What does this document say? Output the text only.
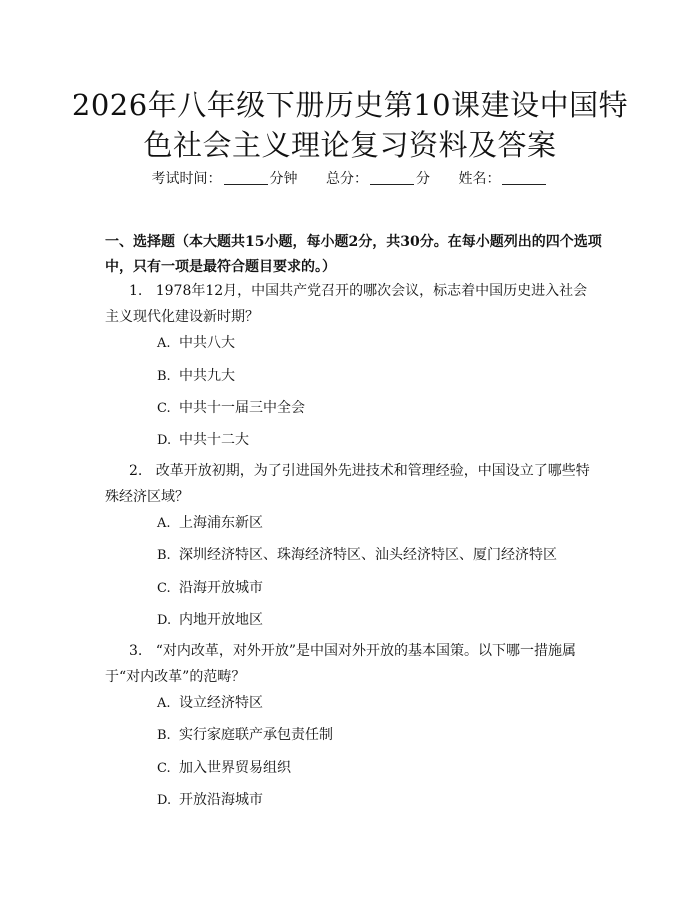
2026年八年级下册历史第10课建设中国特
色社会主义理论复习资料及答案
考试时间：	分钟 总分：	分 姓名：

一、选择题（本大题共15小题，每小题2分，共30分。在每小题列出的四个选项中，只有一项是最符合题目要求的。）

1. 1978年12月，中国共产党召开的哪次会议，标志着中国历史进入社会主义现代化建设新时期？

A. 中共八大

B. 中共九大

C. 中共十一届三中全会

D. 中共十二大

2. 改革开放初期，为了引进国外先进技术和管理经验，中国设立了哪些特殊经济区域？

A. 上海浦东新区

B. 深圳经济特区、珠海经济特区、汕头经济特区、厦门经济特区

C. 沿海开放城市

D. 内地开放地区

3. “对内改革，对外开放”是中国对外开放的基本国策。以下哪一措施属于“对内改革”的范畴？

A. 设立经济特区

B. 实行家庭联产承包责任制

C. 加入世界贸易组织

D. 开放沿海城市
